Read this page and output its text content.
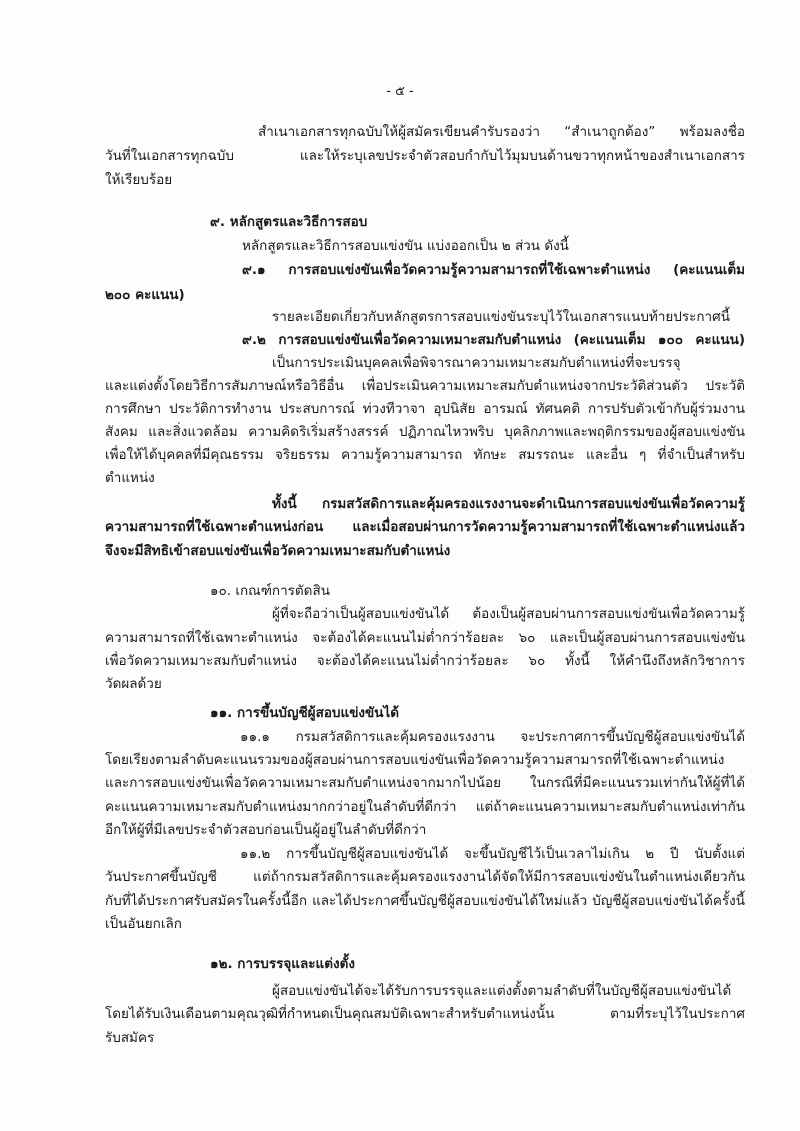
- ๕ -
สำเนาเอกสารทุกฉบับให้ผู้สมัครเขียนคำรับรองว่า “สำเนาถูกต้อง” พร้อมลงชื่อ
วันที่ในเอกสารทุกฉบับ และให้ระบุเลขประจำตัวสอบกำกับไว้มุมบนด้านขวาทุกหน้าของสำเนาเอกสาร
ให้เรียบร้อย
๙. หลักสูตรและวิธีการสอบ
หลักสูตรและวิธีการสอบแข่งขัน แบ่งออกเป็น ๒ ส่วน ดังนี้
๙.๑ การสอบแข่งขันเพื่อวัดความรู้ความสามารถที่ใช้เฉพาะตำแหน่ง (คะแนนเต็ม
๒๐๐ คะแนน)
รายละเอียดเกี่ยวกับหลักสูตรการสอบแข่งขันระบุไว้ในเอกสารแนบท้ายประกาศนี้
๙.๒ การสอบแข่งขันเพื่อวัดความเหมาะสมกับตำแหน่ง (คะแนนเต็ม ๑๐๐ คะแนน)
เป็นการประเมินบุคคลเพื่อพิจารณาความเหมาะสมกับตำแหน่งที่จะบรรจุ
และแต่งตั้งโดยวิธีการสัมภาษณ์หรือวิธีอื่น เพื่อประเมินความเหมาะสมกับตำแหน่งจากประวัติส่วนตัว ประวัติ
การศึกษา ประวัติการทำงาน ประสบการณ์ ท่วงทีวาจา อุปนิสัย อารมณ์ ทัศนคติ การปรับตัวเข้ากับผู้ร่วมงาน
สังคม และสิ่งแวดล้อม ความคิดริเริ่มสร้างสรรค์ ปฏิภาณไหวพริบ บุคลิกภาพและพฤติกรรมของผู้สอบแข่งขัน
เพื่อให้ได้บุคคลที่มีคุณธรรม จริยธรรม ความรู้ความสามารถ ทักษะ สมรรถนะ และอื่น ๆ ที่จำเป็นสำหรับ
ตำแหน่ง
ทั้งนี้ กรมสวัสดิการและคุ้มครองแรงงานจะดำเนินการสอบแข่งขันเพื่อวัดความรู้
ความสามารถที่ใช้เฉพาะตำแหน่งก่อน และเมื่อสอบผ่านการวัดความรู้ความสามารถที่ใช้เฉพาะตำแหน่งแล้ว
จึงจะมีสิทธิเข้าสอบแข่งขันเพื่อวัดความเหมาะสมกับตำแหน่ง
๑๐. เกณฑ์การตัดสิน
ผู้ที่จะถือว่าเป็นผู้สอบแข่งขันได้ ต้องเป็นผู้สอบผ่านการสอบแข่งขันเพื่อวัดความรู้
ความสามารถที่ใช้เฉพาะตำแหน่ง จะต้องได้คะแนนไม่ต่ำกว่าร้อยละ ๖๐ และเป็นผู้สอบผ่านการสอบแข่งขัน
เพื่อวัดความเหมาะสมกับตำแหน่ง จะต้องได้คะแนนไม่ต่ำกว่าร้อยละ ๖๐ ทั้งนี้ ให้คำนึงถึงหลักวิชาการ
วัดผลด้วย
๑๑. การขึ้นบัญชีผู้สอบแข่งขันได้
๑๑.๑ กรมสวัสดิการและคุ้มครองแรงงาน จะประกาศการขึ้นบัญชีผู้สอบแข่งขันได้
โดยเรียงตามลำดับคะแนนรวมของผู้สอบผ่านการสอบแข่งขันเพื่อวัดความรู้ความสามารถที่ใช้เฉพาะตำแหน่ง
และการสอบแข่งขันเพื่อวัดความเหมาะสมกับตำแหน่งจากมากไปน้อย ในกรณีที่มีคะแนนรวมเท่ากันให้ผู้ที่ได้
คะแนนความเหมาะสมกับตำแหน่งมากกว่าอยู่ในลำดับที่ดีกว่า แต่ถ้าคะแนนความเหมาะสมกับตำแหน่งเท่ากัน
อีกให้ผู้ที่มีเลขประจำตัวสอบก่อนเป็นผู้อยู่ในลำดับที่ดีกว่า
๑๑.๒ การขึ้นบัญชีผู้สอบแข่งขันได้ จะขึ้นบัญชีไว้เป็นเวลาไม่เกิน ๒ ปี นับตั้งแต่
วันประกาศขึ้นบัญชี แต่ถ้ากรมสวัสดิการและคุ้มครองแรงงานได้จัดให้มีการสอบแข่งขันในตำแหน่งเดียวกัน
กับที่ได้ประกาศรับสมัครในครั้งนี้อีก และได้ประกาศขึ้นบัญชีผู้สอบแข่งขันได้ใหม่แล้ว บัญชีผู้สอบแข่งขันได้ครั้งนี้
เป็นอันยกเลิก
๑๒. การบรรจุและแต่งตั้ง
ผู้สอบแข่งขันได้จะได้รับการบรรจุและแต่งตั้งตามลำดับที่ในบัญชีผู้สอบแข่งขันได้
โดยได้รับเงินเดือนตามคุณวุฒิที่กำหนดเป็นคุณสมบัติเฉพาะสำหรับตำแหน่งนั้น ตามที่ระบุไว้ในประกาศ
รับสมัคร
